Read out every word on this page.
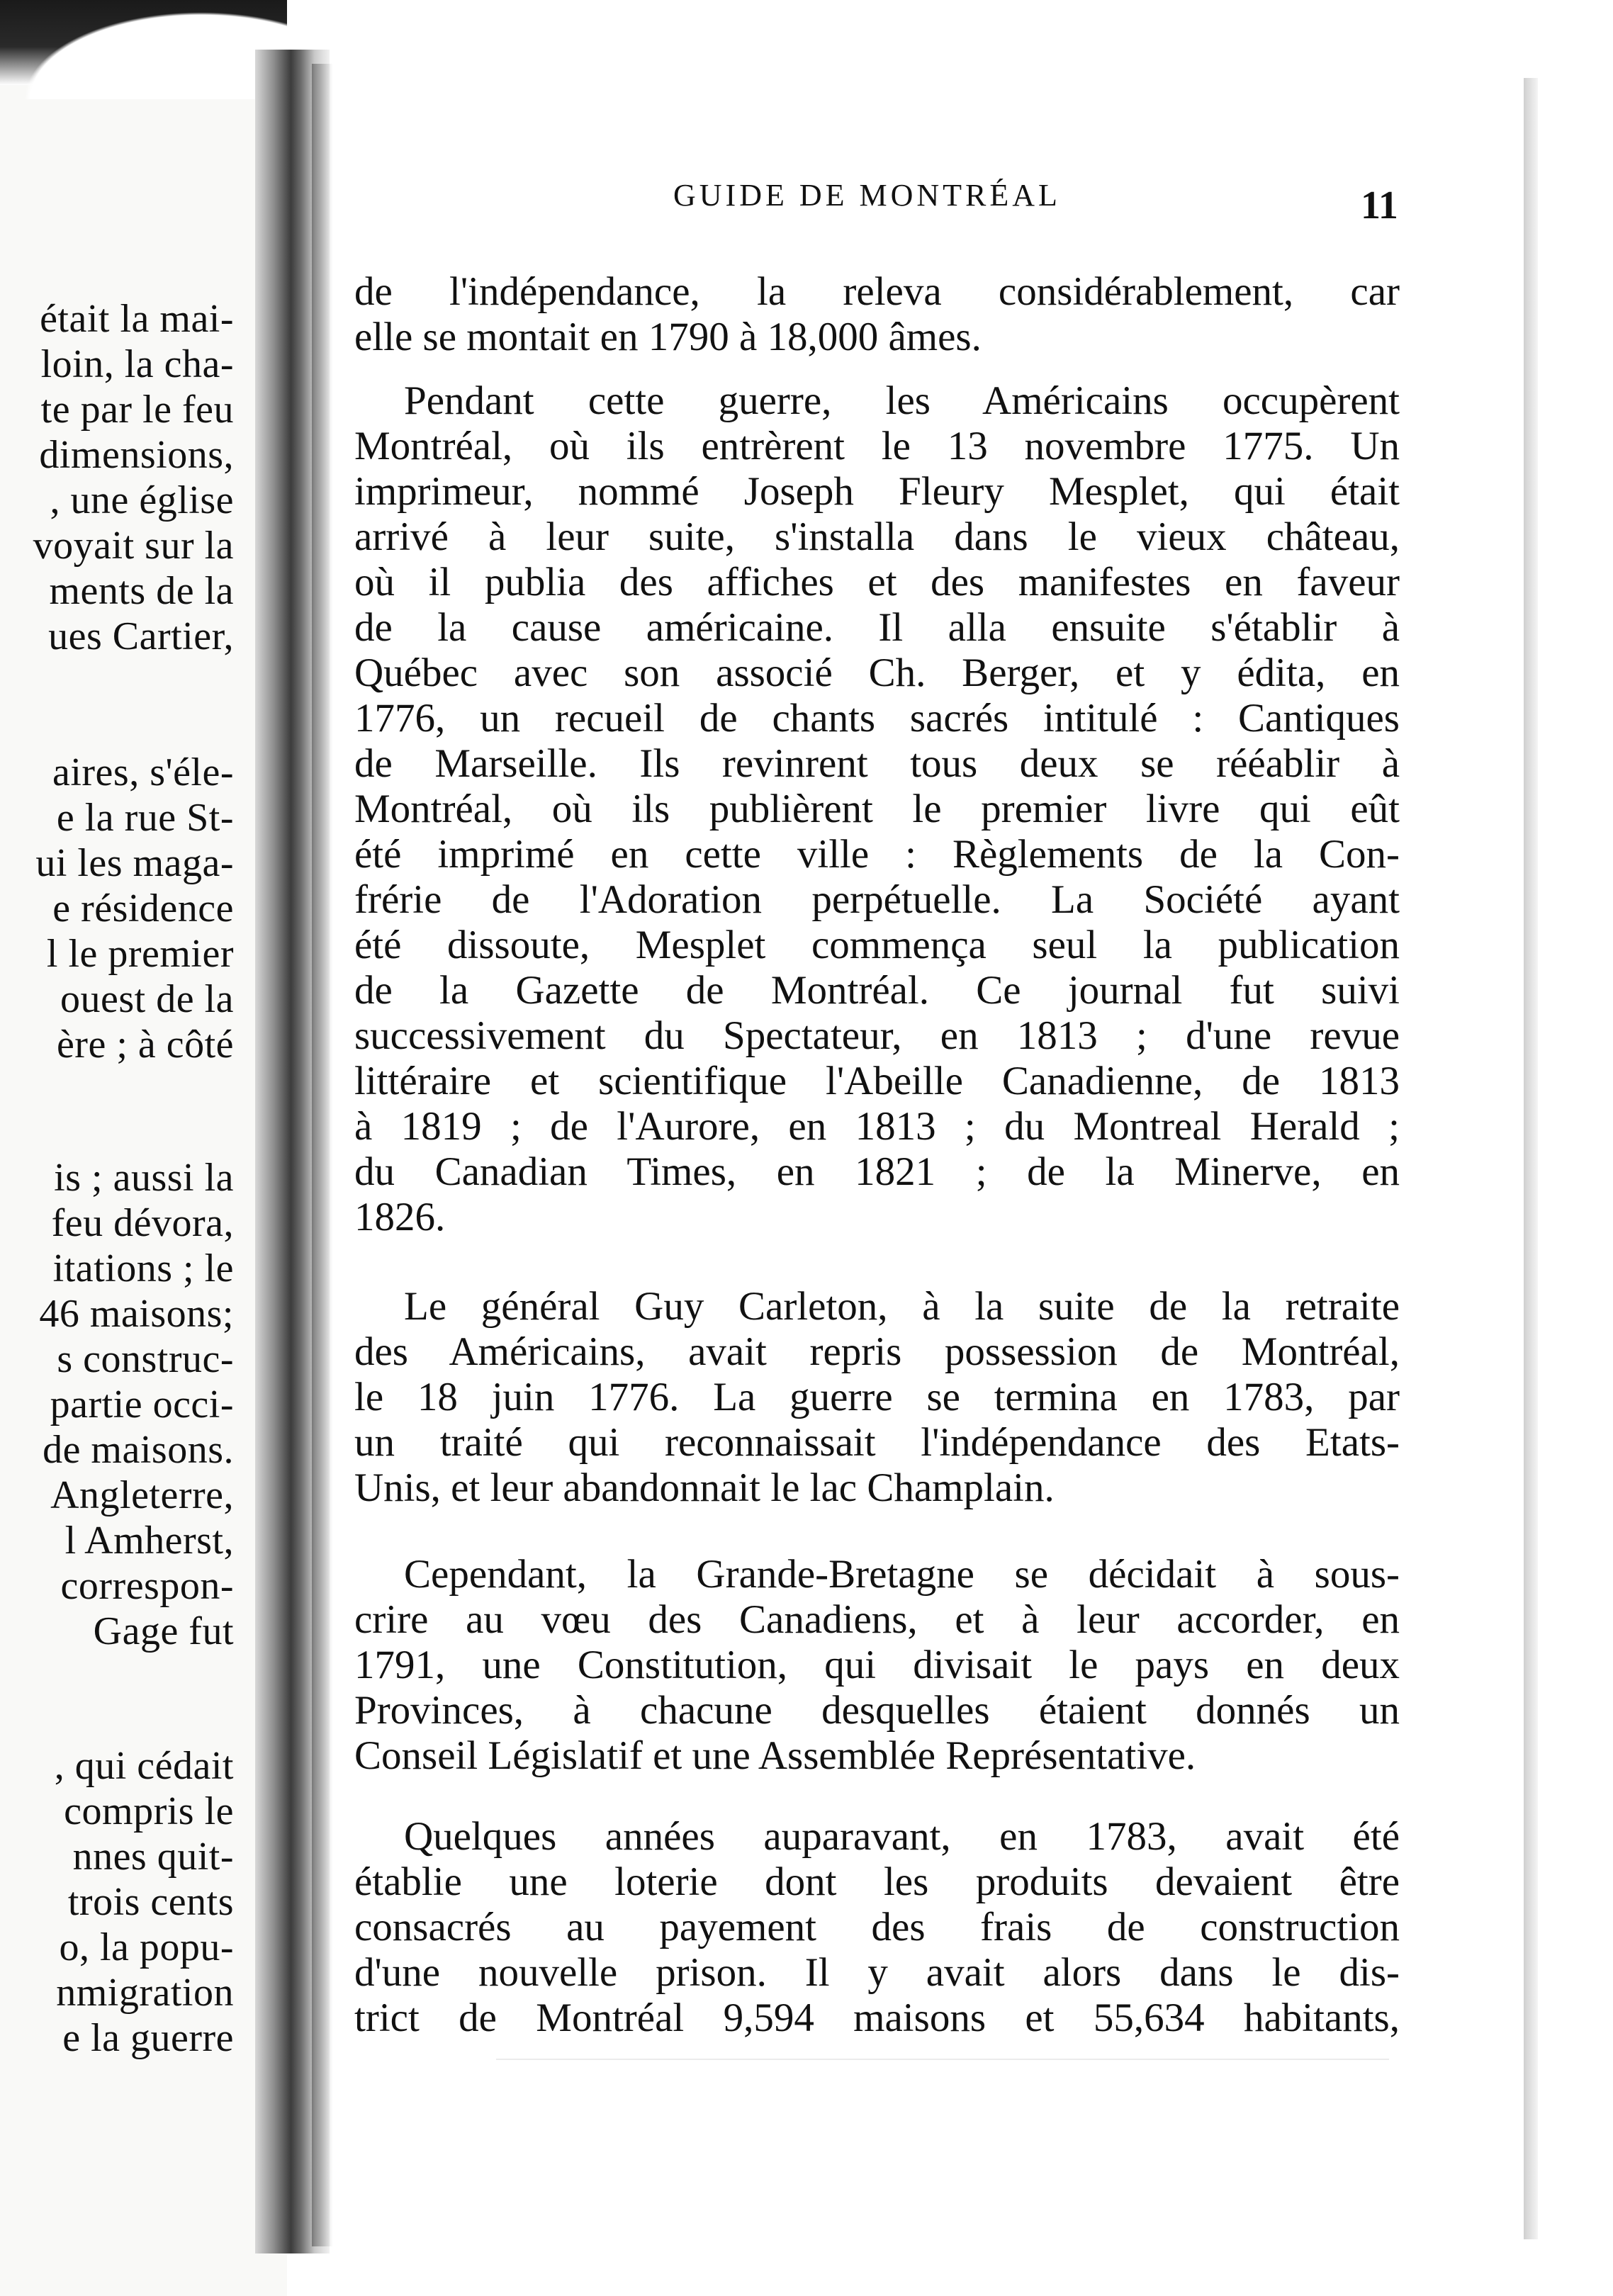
était la mai-
loin, la cha-
te par le feu
dimensions,
, une église
voyait sur la
ments de la
ues Cartier,
aires, s'éle-
e la rue St-
ui les maga-
e résidence
l le premier
ouest de la
ère ; à côté
is ; aussi la
feu dévora,
itations ; le
46 maisons;
s construc-
partie occi-
de maisons.
Angleterre,
l Amherst,
correspon-
Gage fut
, qui cédait
compris le
nnes quit-
trois cents
o, la popu-
nmigration
e la guerre
GUIDE DE MONTRÉAL	11
de l'indépendance, la releva considérablement, car
elle se montait en 1790 à 18,000 âmes.
Pendant cette guerre, les Américains occupèrent
Montréal, où ils entrèrent le 13 novembre 1775. Un
imprimeur, nommé Joseph Fleury Mesplet, qui était
arrivé à leur suite, s'installa dans le vieux château,
où il publia des affiches et des manifestes en faveur
de la cause américaine. Il alla ensuite s'établir à
Québec avec son associé Ch. Berger, et y édita, en
1776, un recueil de chants sacrés intitulé : Cantiques
de Marseille. Ils revinrent tous deux se rééablir à
Montréal, où ils publièrent le premier livre qui eût
été imprimé en cette ville : Règlements de la Con-
frérie de l'Adoration perpétuelle. La Société ayant
été dissoute, Mesplet commença seul la publication
de la Gazette de Montréal. Ce journal fut suivi
successivement du Spectateur, en 1813 ; d'une revue
littéraire et scientifique l'Abeille Canadienne, de 1813
à 1819 ; de l'Aurore, en 1813 ; du Montreal Herald ;
du Canadian Times, en 1821 ; de la Minerve, en
1826.
Le général Guy Carleton, à la suite de la retraite
des Américains, avait repris possession de Montréal,
le 18 juin 1776. La guerre se termina en 1783, par
un traité qui reconnaissait l'indépendance des Etats-
Unis, et leur abandonnait le lac Champlain.
Cependant, la Grande-Bretagne se décidait à sous-
crire au vœu des Canadiens, et à leur accorder, en
1791, une Constitution, qui divisait le pays en deux
Provinces, à chacune desquelles étaient donnés un
Conseil Législatif et une Assemblée Représentative.
Quelques années auparavant, en 1783, avait été
établie une loterie dont les produits devaient être
consacrés au payement des frais de construction
d'une nouvelle prison. Il y avait alors dans le dis-
trict de Montréal 9,594 maisons et 55,634 habitants,
